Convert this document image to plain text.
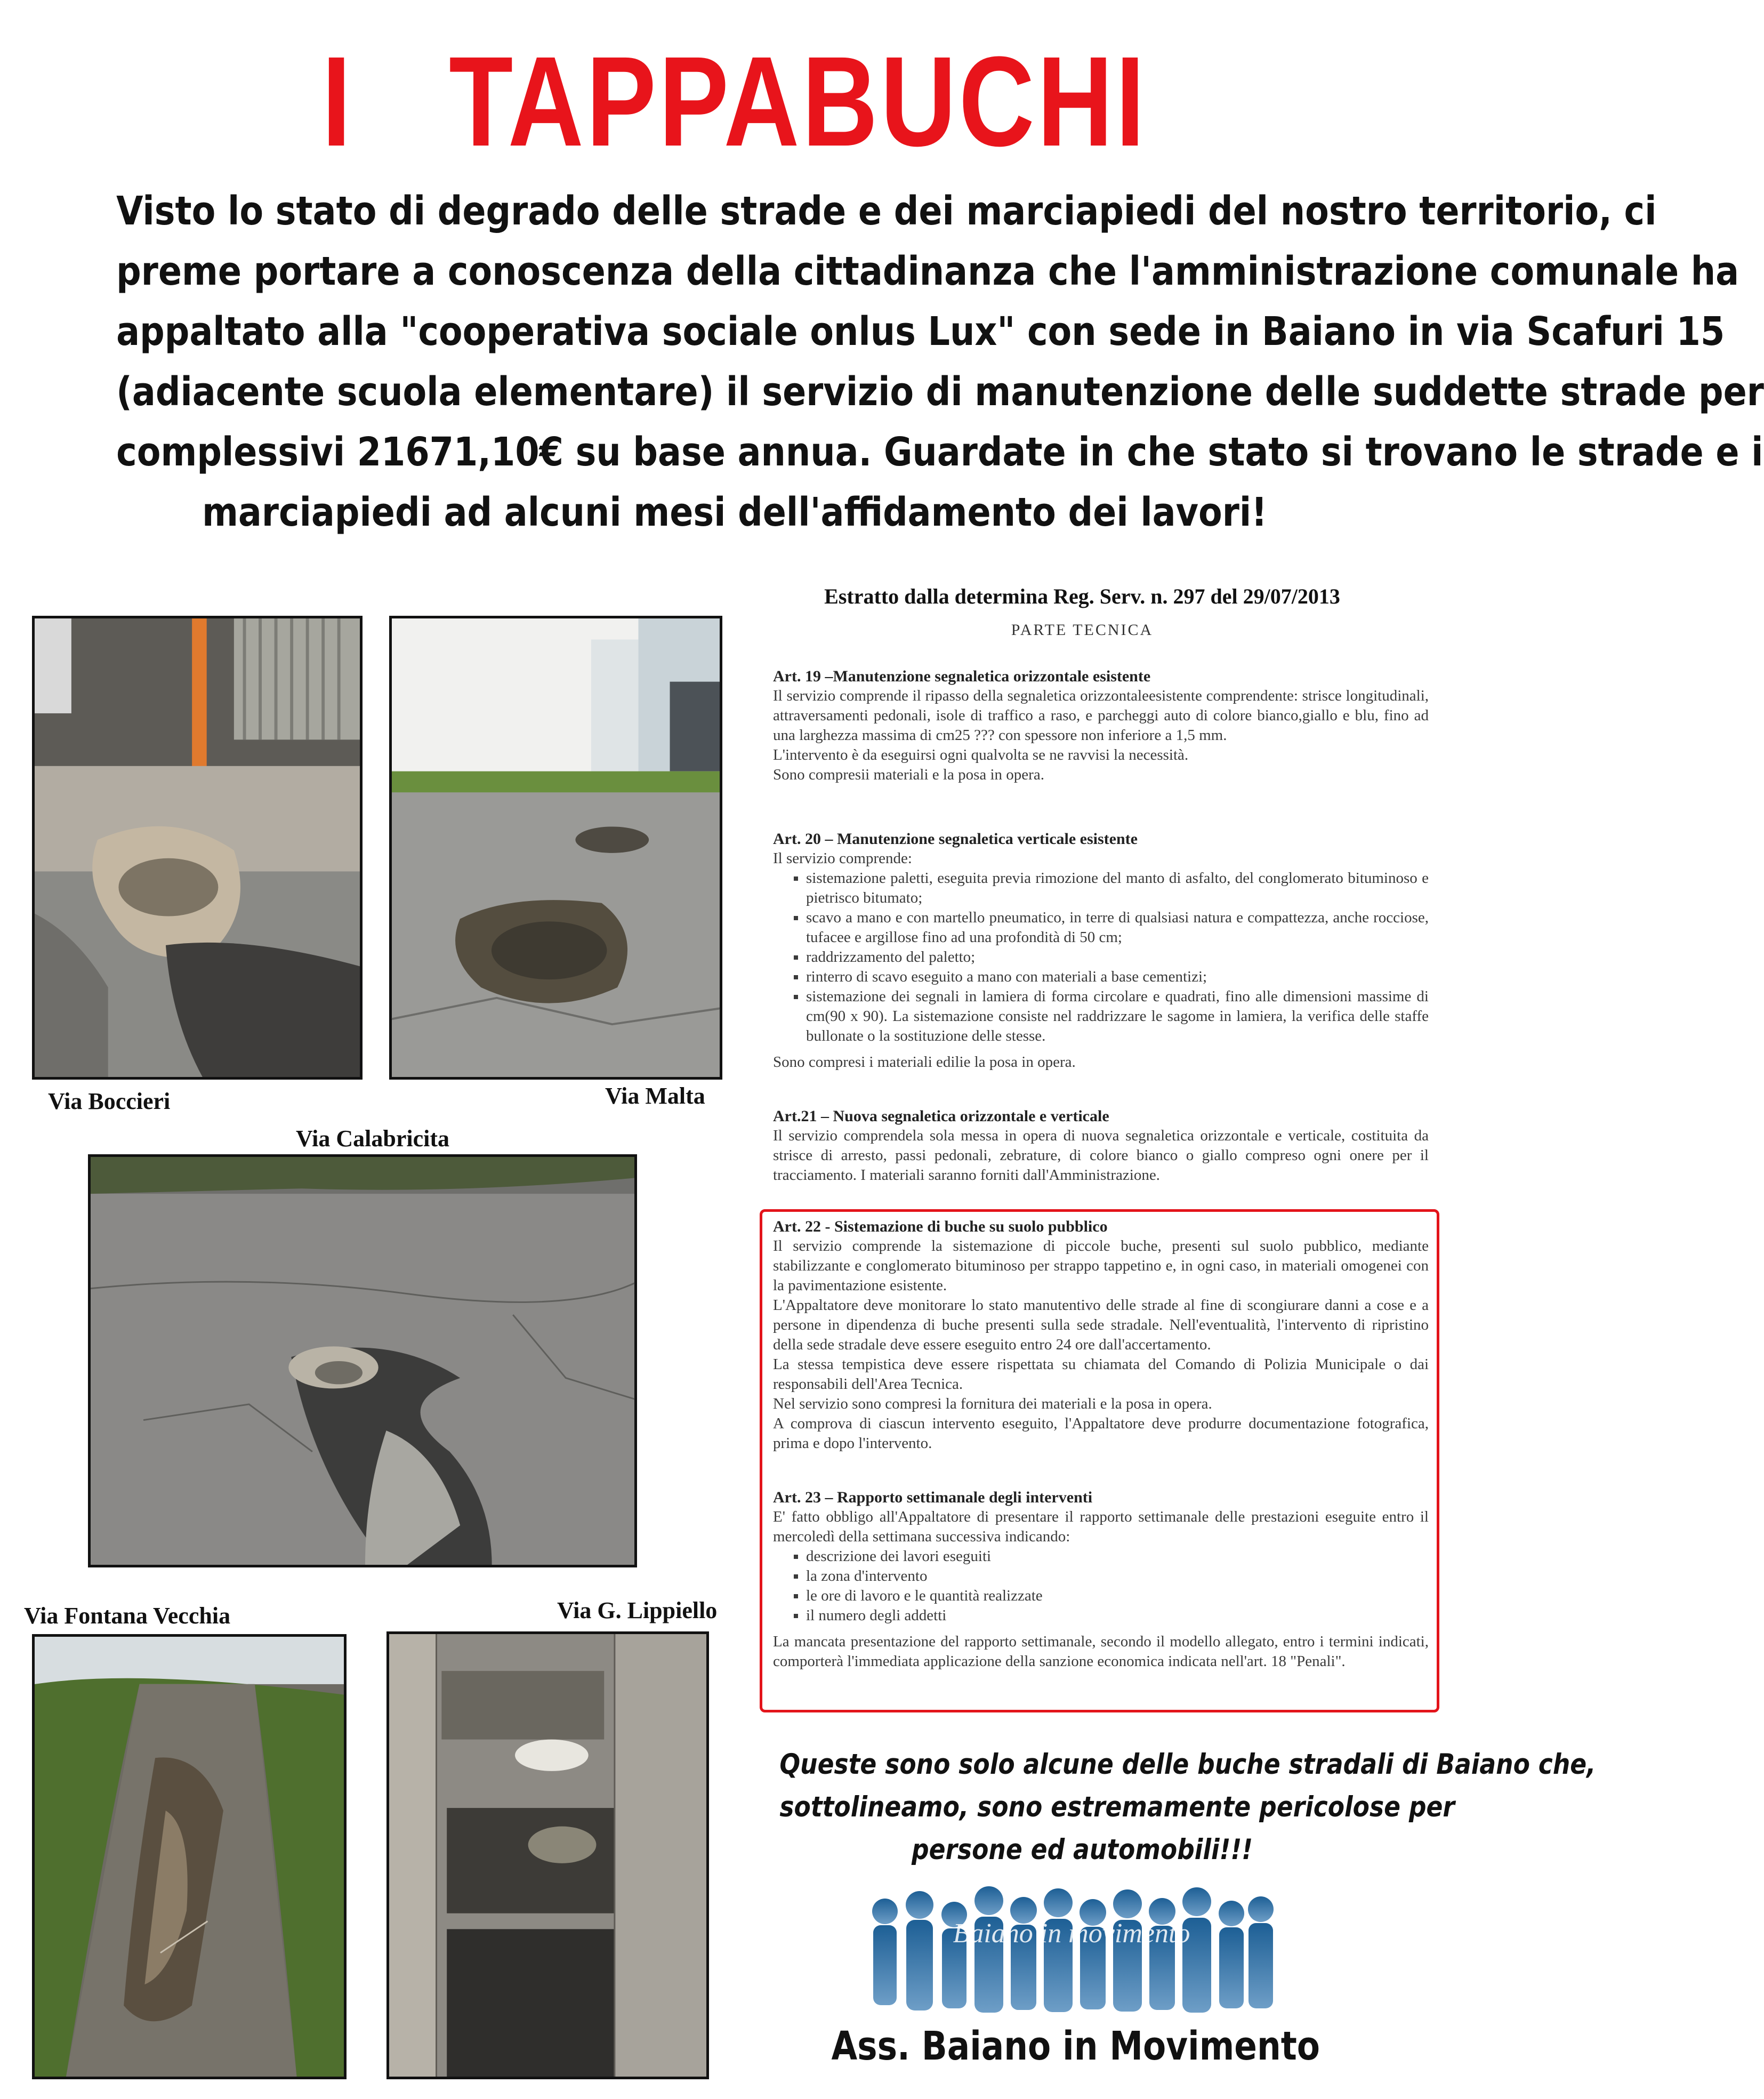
I   TAPPABUCHI
Visto lo stato di degrado delle strade e dei marciapiedi del nostro territorio, ci
preme portare a conoscenza della cittadinanza che l'amministrazione comunale ha
appaltato alla "cooperativa sociale onlus Lux" con sede in Baiano in via Scafuri 15
(adiacente scuola elementare) il servizio di manutenzione delle suddette strade per
complessivi 21671,10€ su base annua. Guardate in che stato si trovano le strade e i
marciapiedi ad alcuni mesi dell'affidamento dei lavori!
Via Boccieri	Via Malta
Via Calabricita
Via Fontana Vecchia	Via G. Lippiello
Estratto dalla determina Reg. Serv. n. 297 del 29/07/2013
PARTE TECNICA
Art. 19 –Manutenzione segnaletica orizzontale esistente

Il servizio comprende il ripasso della segnaletica orizzontaleesistente comprendente: strisce longitudinali, attraversamenti pedonali, isole di traffico a raso, e parcheggi auto di colore bianco,giallo e blu, fino ad una larghezza massima di cm25 ??? con spessore non inferiore a 1,5 mm.

L'intervento è da eseguirsi ogni qualvolta se ne ravvisi la necessità.

Sono compresii materiali e la posa in opera.

Art. 20 – Manutenzione segnaletica verticale esistente

Il servizio comprende:

▪ sistemazione paletti, eseguita previa rimozione del manto di asfalto, del conglomerato bituminoso e pietrisco bitumato;
▪ scavo a mano e con martello pneumatico, in terre di qualsiasi natura e compattezza, anche rocciose, tufacee e argillose fino ad una profondità di 50 cm;
▪ raddrizzamento del paletto;
▪ rinterro di scavo eseguito a mano con materiali a base cementizi;
▪ sistemazione dei segnali in lamiera di forma circolare e quadrati, fino alle dimensioni massime di cm(90 x 90). La sistemazione consiste nel raddrizzare le sagome in lamiera, la verifica delle staffe bullonate o la sostituzione delle stesse.

Sono compresi i materiali edilie la posa in opera.

Art.21 – Nuova segnaletica orizzontale e verticale

Il servizio comprendela sola messa in opera di nuova segnaletica orizzontale e verticale, costituita da strisce di arresto, passi pedonali, zebrature, di colore bianco o giallo compreso ogni onere per il tracciamento. I materiali saranno forniti dall'Amministrazione.

Art. 22 - Sistemazione di buche su suolo pubblico

Il servizio comprende la sistemazione di piccole buche, presenti sul suolo pubblico, mediante stabilizzante e conglomerato bituminoso per strappo tappetino e, in ogni caso, in materiali omogenei con la pavimentazione esistente.

L'Appaltatore deve monitorare lo stato manutentivo delle strade al fine di scongiurare danni a cose e a persone in dipendenza di buche presenti sulla sede stradale. Nell'eventualità, l'intervento di ripristino della sede stradale deve essere eseguito entro 24 ore dall'accertamento.

La stessa tempistica deve essere rispettata su chiamata del Comando di Polizia Municipale o dai responsabili dell'Area Tecnica.

Nel servizio sono compresi la fornitura dei materiali e la posa in opera.

A comprova di ciascun intervento eseguito, l'Appaltatore deve produrre documentazione fotografica, prima e dopo l'intervento.

Art. 23 – Rapporto settimanale degli interventi

E' fatto obbligo all'Appaltatore di presentare il rapporto settimanale delle prestazioni eseguite entro il mercoledì della settimana successiva indicando:

▪ descrizione dei lavori eseguiti
▪ la zona d'intervento
▪ le ore di lavoro e le quantità realizzate
▪ il numero degli addetti

La mancata presentazione del rapporto settimanale, secondo il modello allegato, entro i termini indicati, comporterà l'immediata applicazione della sanzione economica indicata nell'art. 18 "Penali".

Queste sono solo alcune delle buche stradali di Baiano che,
sottolineamo, sono estremamente pericolose per
persone ed automobili!!!
Baiano in movimento
Ass. Baiano in Movimento
